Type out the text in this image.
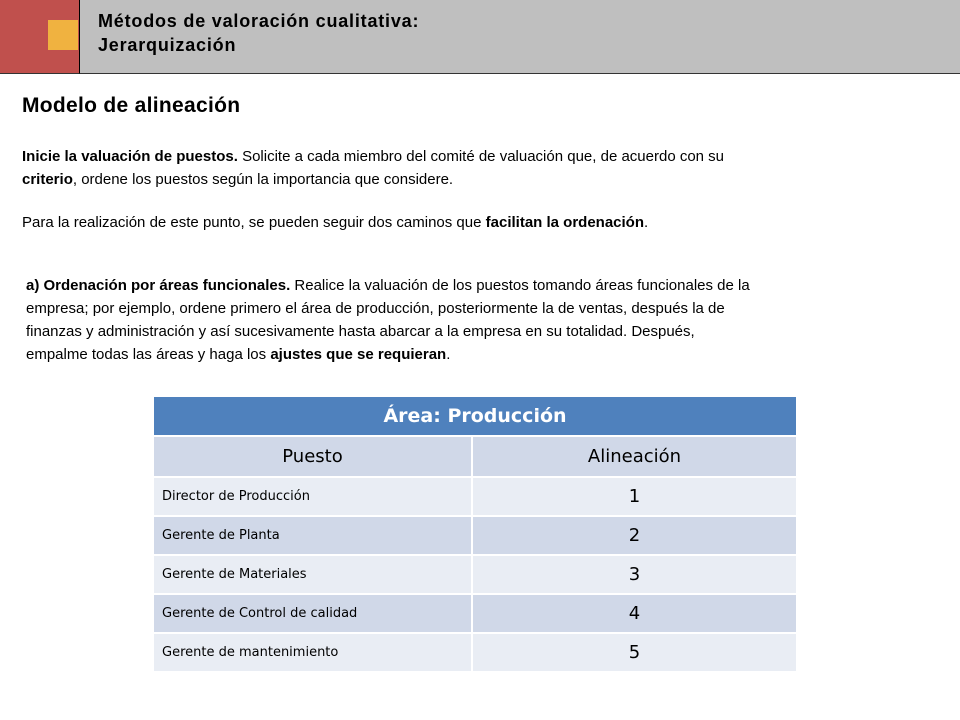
Métodos de valoración cualitativa:
Jerarquización
Modelo de alineación
Inicie la valuación de puestos. Solicite a cada miembro del comité de valuación que, de acuerdo con su
criterio, ordene los puestos según la importancia que considere.
Para la realización de este punto, se pueden seguir dos caminos que facilitan la ordenación.
a) Ordenación por áreas funcionales. Realice la valuación de los puestos tomando áreas funcionales de la
empresa; por ejemplo, ordene primero el área de producción, posteriormente la de ventas, después la de
finanzas y administración y así sucesivamente hasta abarcar a la empresa en su totalidad. Después,
empalme todas las áreas y haga los ajustes que se requieran.
Área: Producción	
Puesto	Alineación
Director de Producción	1
Gerente de Planta	2
Gerente de Materiales	3
Gerente de Control de calidad	4
Gerente de mantenimiento	5
